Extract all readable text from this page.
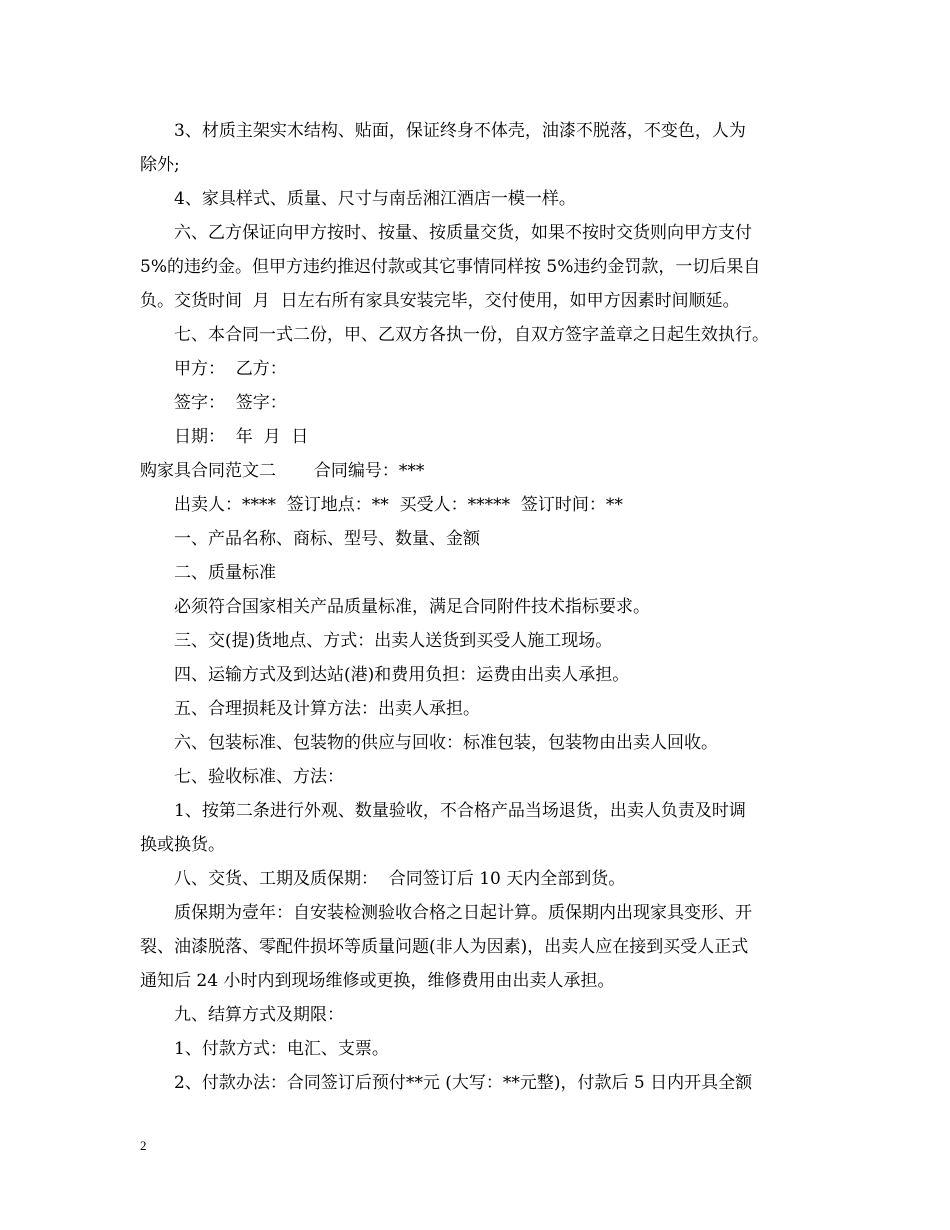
3、材质主架实木结构、贴面，保证终身不体壳，油漆不脱落，不变色，人为

除外;

4、家具样式、质量、尺寸与南岳湘江酒店一模一样。

六、乙方保证向甲方按时、按量、按质量交货，如果不按时交货则向甲方支付

5%的违约金。但甲方违约推迟付款或其它事情同样按 5%违约金罚款，一切后果自

负。交货时间  月  日左右所有家具安装完毕，交付使用，如甲方因素时间顺延。

七、本合同一式二份，甲、乙双方各执一份，自双方签字盖章之日起生效执行。

甲方：  乙方：

签字：  签字：

日期：  年  月  日

购家具合同范文二       合同编号：***

出卖人：****  签订地点：**  买受人：*****  签订时间：**

一、产品名称、商标、型号、数量、金额

二、质量标准

必须符合国家相关产品质量标准，满足合同附件技术指标要求。

三、交(提)货地点、方式：出卖人送货到买受人施工现场。

四、运输方式及到达站(港)和费用负担：运费由出卖人承担。

五、合理损耗及计算方法：出卖人承担。

六、包装标准、包装物的供应与回收：标准包装，包装物由出卖人回收。

七、验收标准、方法：

1、按第二条进行外观、数量验收，不合格产品当场退货，出卖人负责及时调

换或换货。

八、交货、工期及质保期：  合同签订后 10 天内全部到货。

质保期为壹年：自安装检测验收合格之日起计算。质保期内出现家具变形、开

裂、油漆脱落、零配件损坏等质量问题(非人为因素)，出卖人应在接到买受人正式

通知后 24 小时内到现场维修或更换，维修费用由出卖人承担。

九、结算方式及期限：

1、付款方式：电汇、支票。

2、付款办法：合同签订后预付**元 (大写：**元整)，付款后 5 日内开具全额

2
